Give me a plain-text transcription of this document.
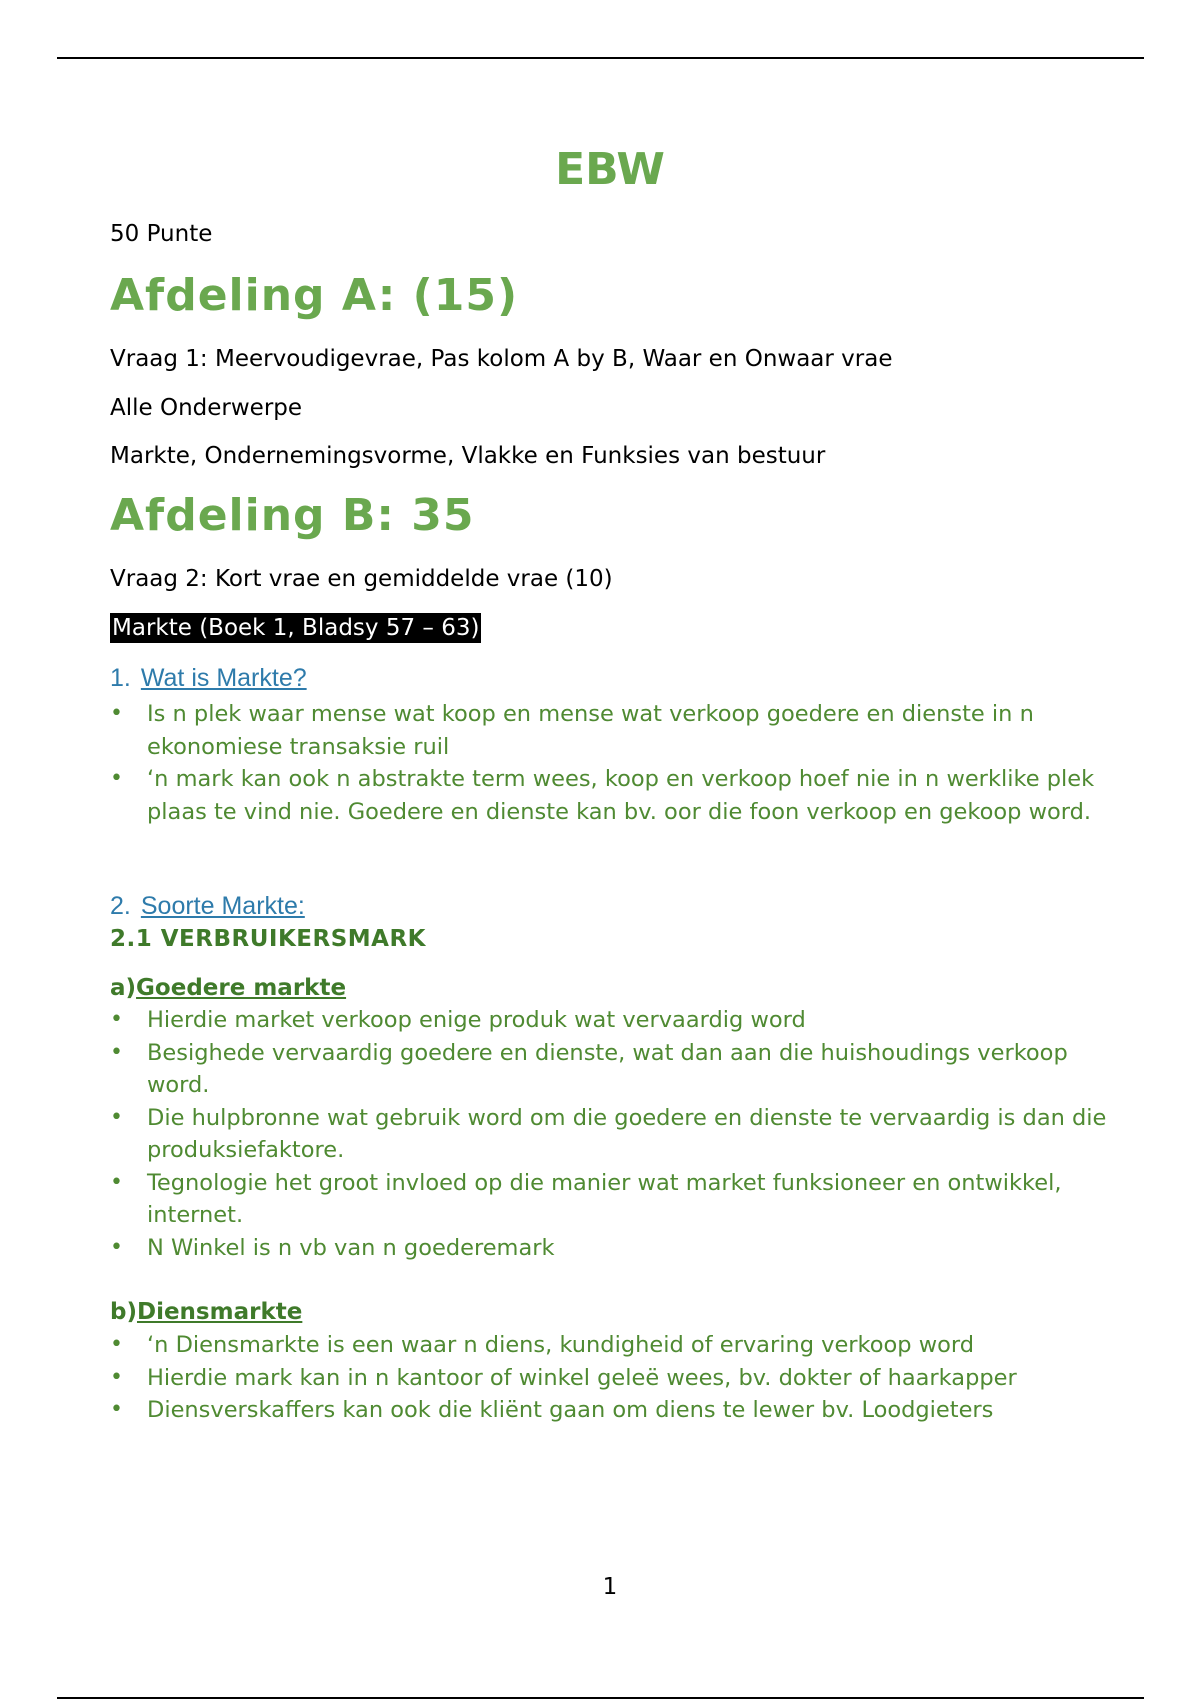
EBW

50 Punte

Afdeling A: (15)

Vraag 1: Meervoudigevrae, Pas kolom A by B, Waar en Onwaar vrae

Alle Onderwerpe

Markte, Ondernemingsvorme, Vlakke en Funksies van bestuur

Afdeling B: 35

Vraag 2: Kort vrae en gemiddelde vrae (10)

Markte (Boek 1, Bladsy 57 – 63)

1. Wat is Markte?
• Is n plek waar mense wat koop en mense wat verkoop goedere en dienste in n ekonomiese transaksie ruil
• ‘n mark kan ook n abstrakte term wees, koop en verkoop hoef nie in n werklike plek plaas te vind nie. Goedere en dienste kan bv. oor die foon verkoop en gekoop word.
2. Soorte Markte:

2.1 VERBRUIKERSMARK

a)Goedere markte
• Hierdie market verkoop enige produk wat vervaardig word
• Besighede vervaardig goedere en dienste, wat dan aan die huishoudings verkoop word.
• Die hulpbronne wat gebruik word om die goedere en dienste te vervaardig is dan die produksiefaktore.
• Tegnologie het groot invloed op die manier wat market funksioneer en ontwikkel, internet.
• N Winkel is n vb van n goederemark
b)Diensmarkte
• ‘n Diensmarkte is een waar n diens, kundigheid of ervaring verkoop word
• Hierdie mark kan in n kantoor of winkel geleë wees, bv. dokter of haarkapper
• Diensverskaffers kan ook die kliënt gaan om diens te lewer bv. Loodgieters
1
